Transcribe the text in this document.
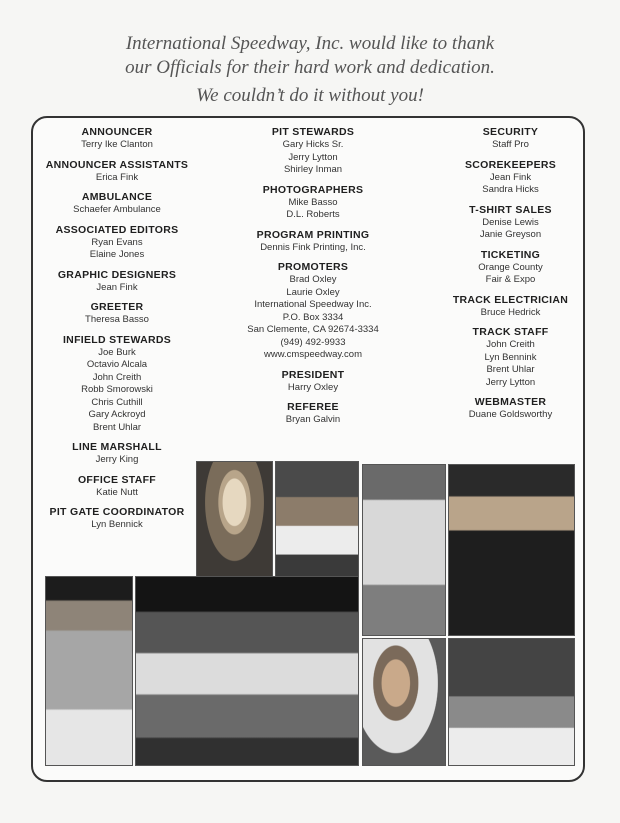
International Speedway, Inc. would like to thank
our Officials for their hard work and dedication.
We couldn’t do it without you!
ANNOUNCER
Terry Ike Clanton
ANNOUNCER ASSISTANTS
Erica Fink
AMBULANCE
Schaefer Ambulance
ASSOCIATED EDITORS
Ryan Evans
Elaine Jones
GRAPHIC DESIGNERS
Jean Fink
GREETER
Theresa Basso
INFIELD STEWARDS
Joe Burk
Octavio Alcala
John Creith
Robb Smorowski
Chris Cuthill
Gary Ackroyd
Brent Uhlar
LINE MARSHALL
Jerry King
OFFICE STAFF
Katie Nutt
PIT GATE COORDINATOR
Lyn Bennick
PIT STEWARDS
Gary Hicks Sr.
Jerry Lytton
Shirley Inman
PHOTOGRAPHERS
Mike Basso
D.L. Roberts
PROGRAM PRINTING
Dennis Fink Printing, Inc.
PROMOTERS
Brad Oxley
Laurie Oxley
International Speedway Inc.
P.O. Box 3334
San Clemente, CA 92674-3334
(949) 492-9933
www.cmspeedway.com
PRESIDENT
Harry Oxley
REFEREE
Bryan Galvin
SECURITY
Staff Pro
SCOREKEEPERS
Jean Fink
Sandra Hicks
T-SHIRT SALES
Denise Lewis
Janie Greyson
TICKETING
Orange County
Fair & Expo
TRACK ELECTRICIAN
Bruce Hedrick
TRACK STAFF
John Creith
Lyn Bennink
Brent Uhlar
Jerry Lytton
WEBMASTER
Duane Goldsworthy
